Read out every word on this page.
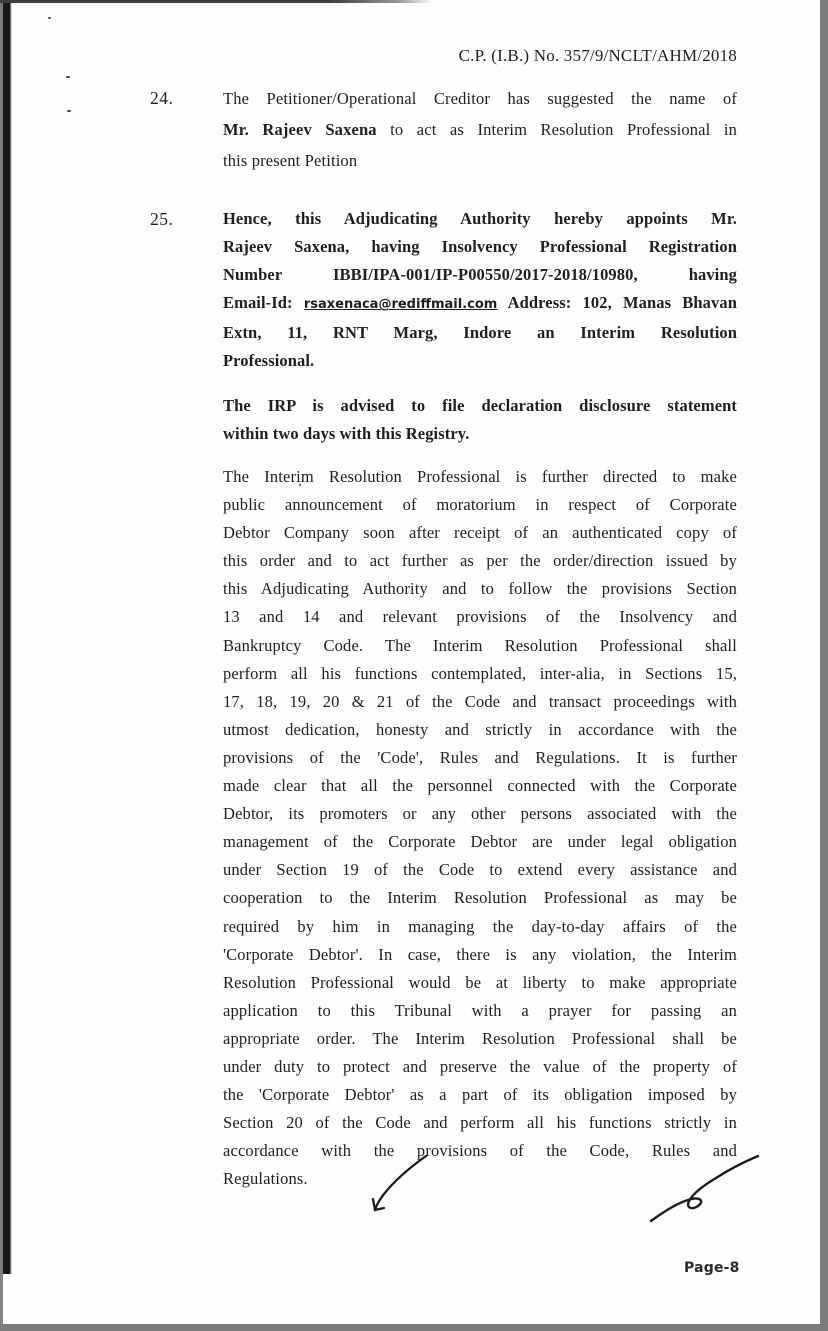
C.P. (I.B.) No. 357/9/NCLT/AHM/2018
24.	The Petitioner/Operational Creditor has suggested the name of
Mr. Rajeev Saxena to act as Interim Resolution Professional in
this present Petition
25.	Hence, this Adjudicating Authority hereby appoints Mr.
Rajeev Saxena, having Insolvency Professional Registration
Number IBBI/IPA-001/IP-P00550/2017-2018/10980, having
Email-Id: rsaxenaca@rediffmail.com Address: 102, Manas Bhavan
Extn, 11, RNT Marg, Indore an Interim Resolution
Professional.
The IRP is advised to file declaration disclosure statement
within two days with this Registry.
The Interim Resolution Professional is further directed to make
public announcement of moratorium in respect of Corporate
Debtor Company soon after receipt of an authenticated copy of
this order and to act further as per the order/direction issued by
this Adjudicating Authority and to follow the provisions Section
13 and 14 and relevant provisions of the Insolvency and
Bankruptcy Code. The Interim Resolution Professional shall
perform all his functions contemplated, inter-alia, in Sections 15,
17, 18, 19, 20 & 21 of the Code and transact proceedings with
utmost dedication, honesty and strictly in accordance with the
provisions of the 'Code', Rules and Regulations. It is further
made clear that all the personnel connected with the Corporate
Debtor, its promoters or any other persons associated with the
management of the Corporate Debtor are under legal obligation
under Section 19 of the Code to extend every assistance and
cooperation to the Interim Resolution Professional as may be
required by him in managing the day-to-day affairs of the
'Corporate Debtor'. In case, there is any violation, the Interim
Resolution Professional would be at liberty to make appropriate
application to this Tribunal with a prayer for passing an
appropriate order. The Interim Resolution Professional shall be
under duty to protect and preserve the value of the property of
the 'Corporate Debtor' as a part of its obligation imposed by
Section 20 of the Code and perform all his functions strictly in
accordance with the provisions of the Code, Rules and
Regulations.
Page-8
